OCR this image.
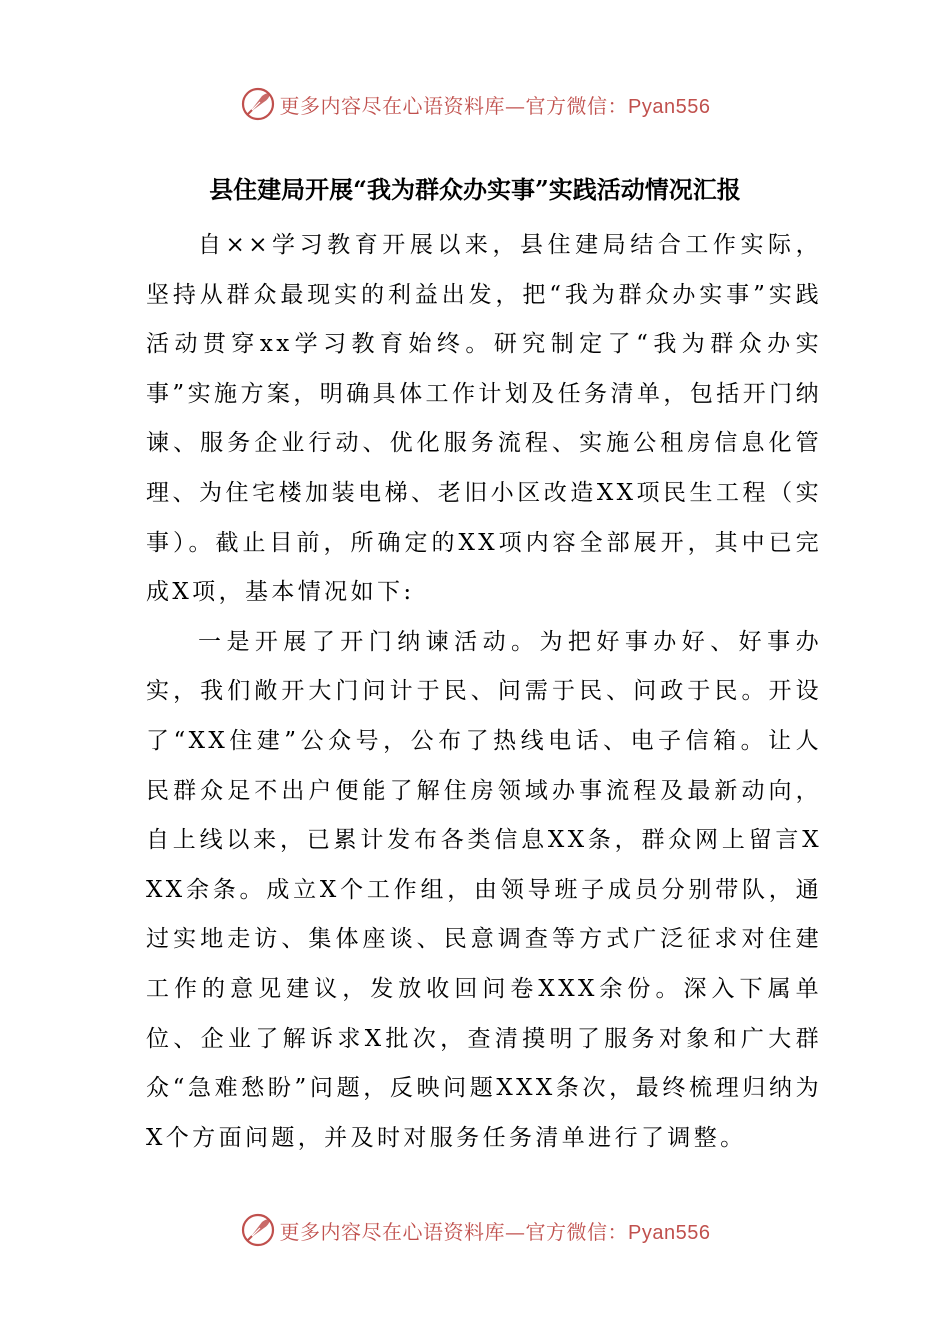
更多内容尽在心语资料库—官方微信：Pyan556
县住建局开展“我为群众办实事”实践活动情况汇报

自××学习教育开展以来，县住建局结合工作实际，坚持从群众最现实的利益出发，把“我为群众办实事”实践活动贯穿xx学习教育始终。研究制定了“我为群众办实事”实施方案，明确具体工作计划及任务清单，包括开门纳谏、服务企业行动、优化服务流程、实施公租房信息化管理、为住宅楼加装电梯、老旧小区改造XX项民生工程（实事）。截止目前，所确定的XX项内容全部展开，其中已完成X项，基本情况如下:

一是开展了开门纳谏活动。为把好事办好、好事办实，我们敞开大门问计于民、问需于民、问政于民。开设了“XX住建”公众号，公布了热线电话、电子信箱。让人民群众足不出户便能了解住房领域办事流程及最新动向，自上线以来，已累计发布各类信息XX条，群众网上留言XXX余条。成立X个工作组，由领导班子成员分别带队，通过实地走访、集体座谈、民意调查等方式广泛征求对住建工作的意见建议，发放收回问卷XXX余份。深入下属单位、企业了解诉求X批次，查清摸明了服务对象和广大群众“急难愁盼”问题，反映问题XXX条次，最终梳理归纳为X个方面问题，并及时对服务任务清单进行了调整。

更多内容尽在心语资料库—官方微信：Pyan556
